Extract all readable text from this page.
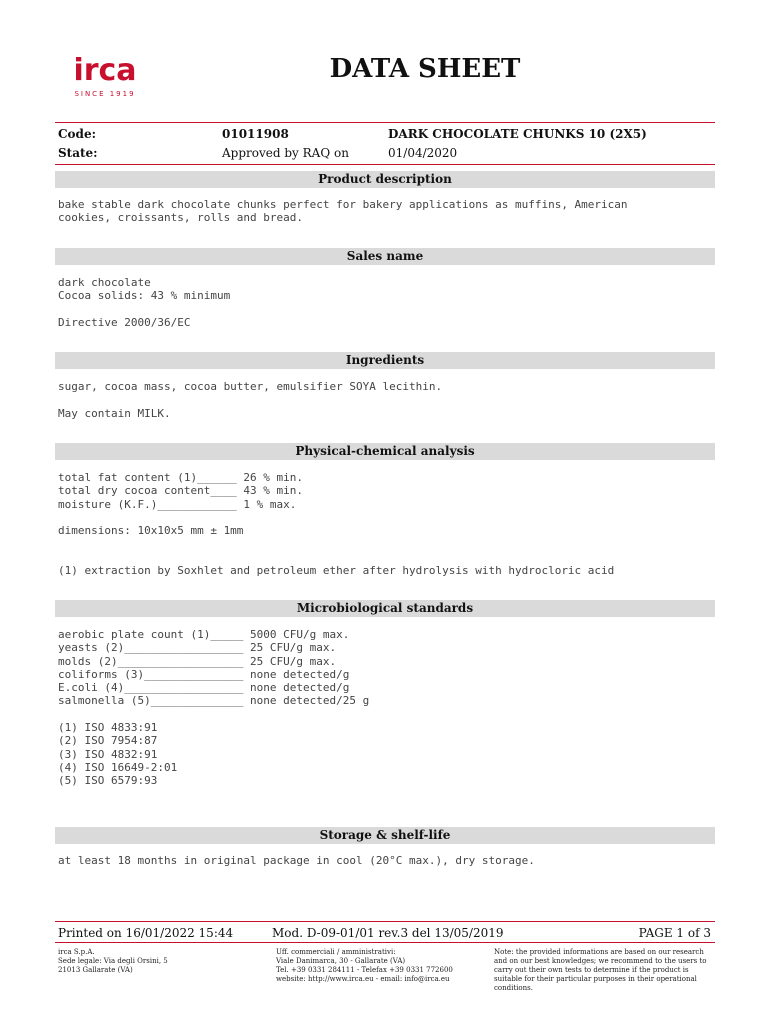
irca
SINCE 1919
DATA SHEET
Code:	01011908	DARK CHOCOLATE CHUNKS 10 (2X5)
State:	Approved by RAQ on	01/04/2020
Product description
bake stable dark chocolate chunks perfect for bakery applications as muffins, American
cookies, croissants, rolls and bread.
Sales name
dark chocolate
Cocoa solids: 43 % minimum
Directive 2000/36/EC
Ingredients
sugar, cocoa mass, cocoa butter, emulsifier SOYA lecithin.
May contain MILK.
Physical-chemical analysis
total fat content (1)______ 26 % min.
total dry cocoa content____ 43 % min.
moisture (K.F.)____________ 1 % max.
dimensions: 10x10x5 mm ± 1mm
(1) extraction by Soxhlet and petroleum ether after hydrolysis with hydrocloric acid
Microbiological standards
aerobic plate count (1)_____ 5000 CFU/g max.
yeasts (2)__________________ 25 CFU/g max.
molds (2)___________________ 25 CFU/g max.
coliforms (3)_______________ none detected/g
E.coli (4)__________________ none detected/g
salmonella (5)______________ none detected/25 g
(1) ISO 4833:91
(2) ISO 7954:87
(3) ISO 4832:91
(4) ISO 16649-2:01
(5) ISO 6579:93
Storage & shelf-life
at least 18 months in original package in cool (20°C max.), dry storage.
Printed on 16/01/2022 15:44	Mod. D-09-01/01 rev.3 del 13/05/2019	PAGE 1 of 3
irca S.p.A.
Sede legale: Via degli Orsini, 5
21013 Gallarate (VA)
Uff. commerciali / amministrativi:
Viale Danimarca, 30 - Gallarate (VA)
Tel. +39 0331 284111 - Telefax +39 0331 772600
website: http://www.irca.eu - email: info@irca.eu
Note: the provided informations are based on our research
and on our best knowledges; we recommend to the users to
carry out their own tests to determine if the product is
suitable for their particular purposes in their operational
conditions.
